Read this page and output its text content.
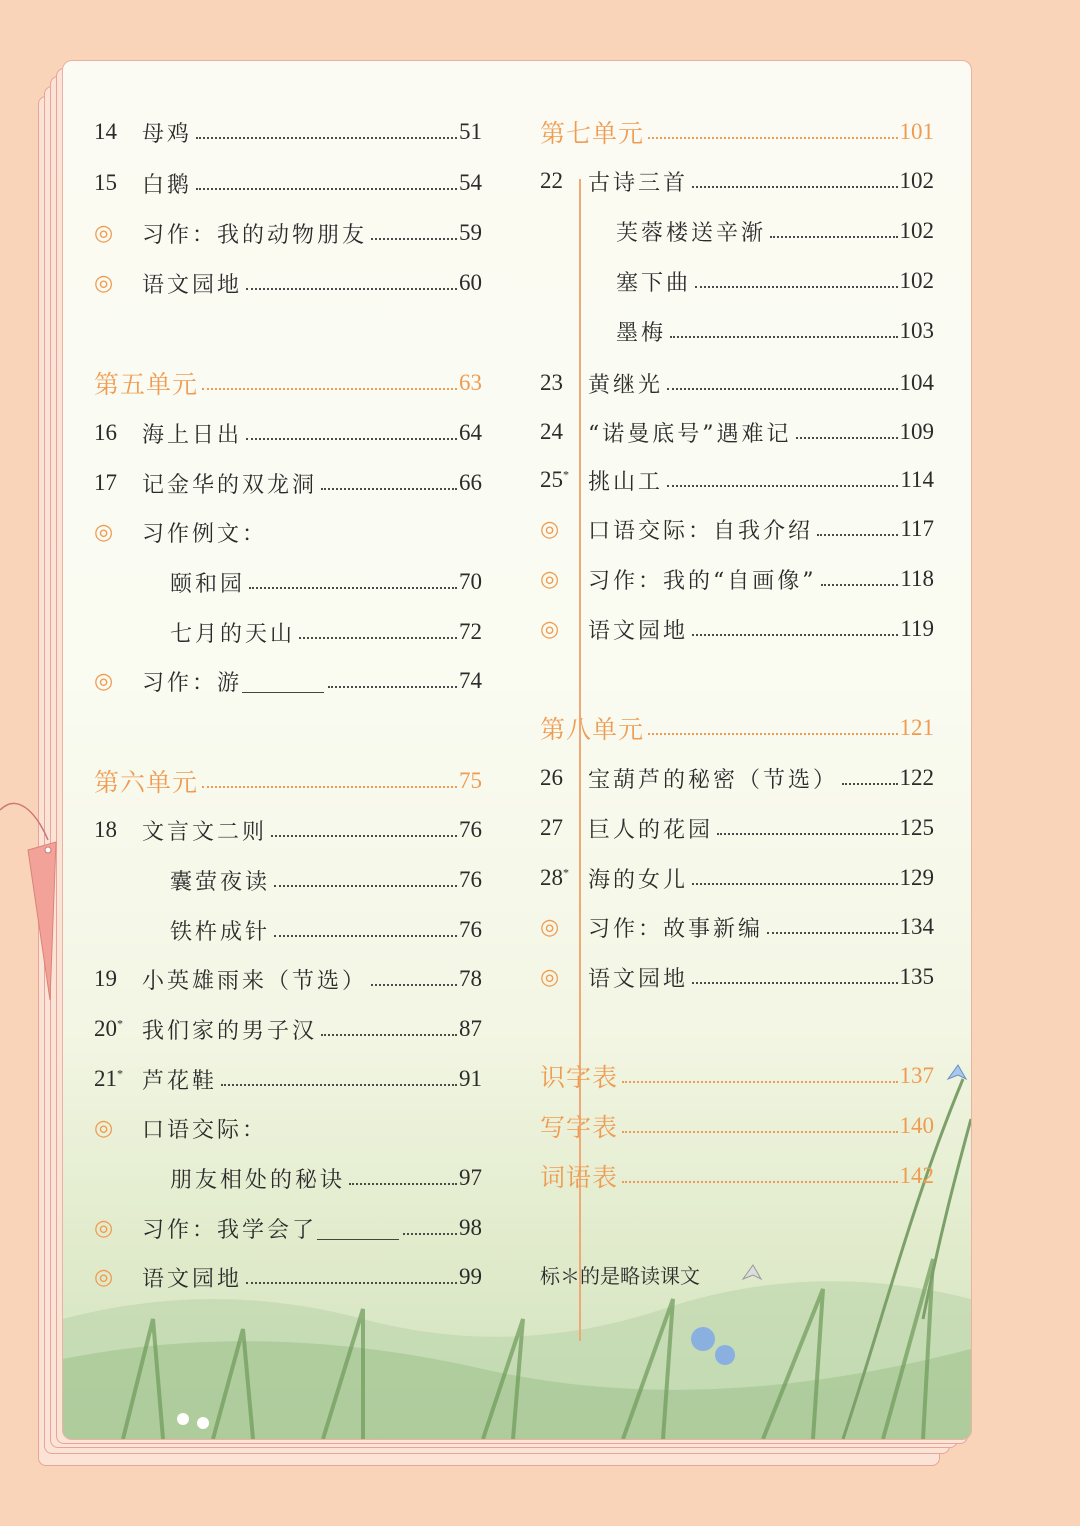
14	母鸡	51
15	白鹅	54
◎	习作：我的动物朋友	59
◎	语文园地	60
第五单元	63
16	海上日出	64
17	记金华的双龙洞	66
◎	习作例文：
颐和园	70
七月的天山	72
◎	习作：游	74
第六单元	75
18	文言文二则	76
囊萤夜读	76
铁杵成针	76
19	小英雄雨来（节选）	78
20* 我们家的男子汉	87
21* 芦花鞋	91
◎	口语交际：
朋友相处的秘诀	97
◎	习作：我学会了	98
◎	语文园地	99
第七单元	101
22	古诗三首	102
芙蓉楼送辛渐	102
塞下曲	102
墨梅	103
23	黄继光	104
24	“诺曼底号”遇难记	109
25* 挑山工	114
◎	口语交际：自我介绍	117
◎	习作：我的“自画像”	118
◎	语文园地	119
第八单元	121
26	宝葫芦的秘密（节选）	122
27	巨人的花园	125
28* 海的女儿	129
◎	习作：故事新编	134
◎	语文园地	135
识字表	137
写字表	140
词语表	142
标＊的是略读课文
